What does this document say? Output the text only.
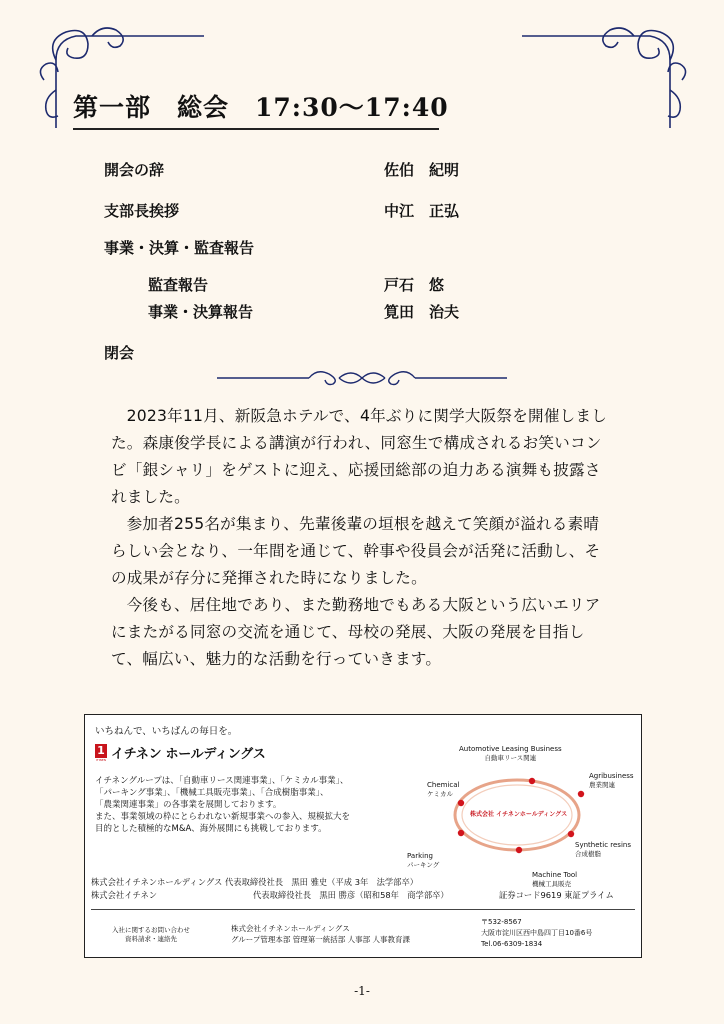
第一部　総会　17:30〜17:40
開会の辞	佐伯　紀明
支部長挨拶	中江　正弘
事業・決算・監査報告
監査報告	戸石　悠
事業・決算報告	筧田　治夫
閉会

2023年11月、新阪急ホテルで、4年ぶりに関学大阪祭を開催しました。森康俊学長による講演が行われ、同窓生で構成されるお笑いコンビ「銀シャリ」をゲストに迎え、応援団総部の迫力ある演舞も披露されました。

参加者255名が集まり、先輩後輩の垣根を越えて笑顔が溢れる素晴らしい会となり、一年間を通じて、幹事や役員会が活発に活動し、その成果が存分に発揮された時になりました。

今後も、居住地であり、また勤務地でもある大阪という広いエリアにまたがる同窓の交流を通じて、母校の発展、大阪の発展を目指して、幅広い、魅力的な活動を行っていきます。

いちねんで、いちばんの毎日を。
1
ITINEN イチネン ホールディングス
イチネングループは、「自動車リース関連事業」、「ケミカル事業」、
「パーキング事業」、「機械工具販売事業」、「合成樹脂事業」、
「農業関連事業」の各事業を展開しております。
また、事業領域の枠にとらわれない新規事業への参入、規模拡大を
目的とした積極的なM&A、海外展開にも挑戦しております。
株式会社 イチネンホールディングス
Automotive Leasing Business
自動車リース関連
Agribusiness
農業関連
Synthetic resins
合成樹脂
Machine Tool
機械工具販売
Parking
パーキング
Chemical
ケミカル
株式会社イチネンホールディングス 代表取締役社長　黒田 雅史（平成 3年　法学部卒）
株式会社イチネン	代表取締役社長　黒田 勝彦（昭和58年　商学部卒）	証券コード9619 東証プライム
入社に関するお問い合わせ
資料請求・連絡先
株式会社イチネンホールディングス
グループ管理本部 管理第一統括部 人事部 人事教育課
〒532-8567
大阪市淀川区西中島四丁目10番6号
Tel.06-6309-1834
-1-
